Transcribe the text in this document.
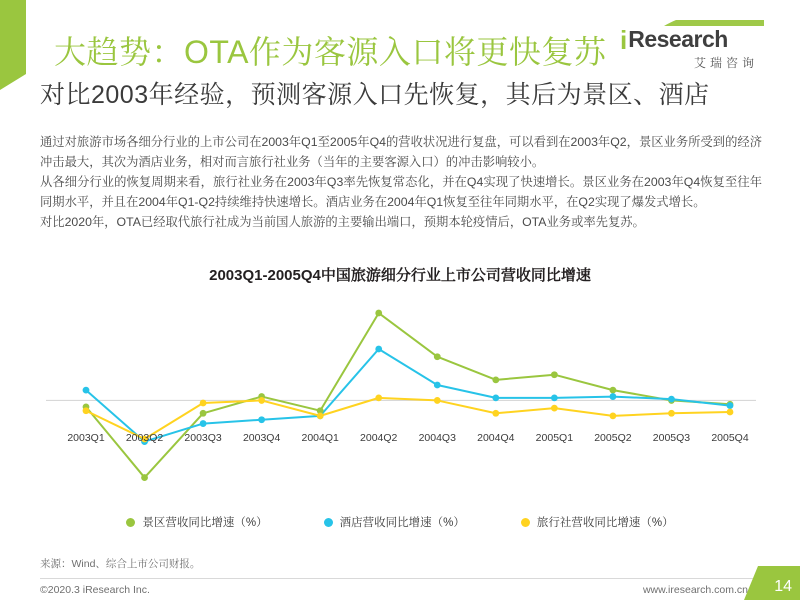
i Research
艾瑞咨询
大趋势：OTA作为客源入口将更快复苏
对比2003年经验，预测客源入口先恢复，其后为景区、酒店

通过对旅游市场各细分行业的上市公司在2003年Q1至2005年Q4的营收状况进行复盘，可以看到在2003年Q2，景区业务所受到的经济冲击最大，其次为酒店业务，相对而言旅行社业务（当年的主要客源入口）的冲击影响较小。

从各细分行业的恢复周期来看，旅行社业务在2003年Q3率先恢复常态化，并在Q4实现了快速增长。景区业务在2003年Q4恢复至往年同期水平，并且在2004年Q1-Q2持续维持快速增长。酒店业务在2004年Q1恢复至往年同期水平，在Q2实现了爆发式增长。

对比2020年，OTA已经取代旅行社成为当前国人旅游的主要输出端口，预期本轮疫情后，OTA业务或率先复苏。

2003Q1-2005Q4中国旅游细分行业上市公司营收同比增速
2003Q1 2003Q2 2003Q3 2003Q4 2004Q1 2004Q2 2004Q3 2004Q4 2005Q1 2005Q2 2005Q3 2005Q4
景区营收同比增速（%）	酒店营收同比增速（%）	旅行社营收同比增速（%）
来源：Wind、综合上市公司财报。
©2020.3 iResearch Inc.	www.iresearch.com.cn 14
